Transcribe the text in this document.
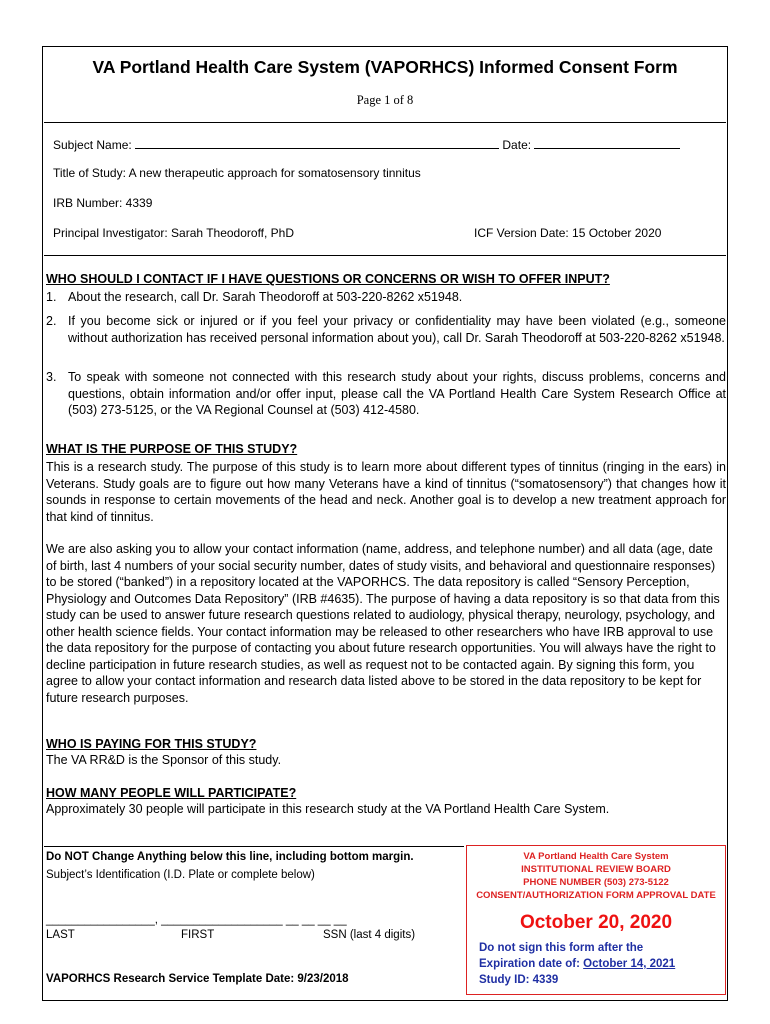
VA Portland Health Care System (VAPORHCS) Informed Consent Form
Page 1 of 8
Subject Name:	Date:
Title of Study: A new therapeutic approach for somatosensory tinnitus
IRB Number: 4339
Principal Investigator: Sarah Theodoroff, PhD	ICF Version Date: 15 October 2020
WHO SHOULD I CONTACT IF I HAVE QUESTIONS OR CONCERNS OR WISH TO OFFER INPUT?
1. About the research, call Dr. Sarah Theodoroff at 503-220-8262 x51948.
2. If you become sick or injured or if you feel your privacy or confidentiality may have been violated (e.g., someone without authorization has received personal information about you), call Dr. Sarah Theodoroff at 503-220-8262 x51948.
3. To speak with someone not connected with this research study about your rights, discuss problems, concerns and questions, obtain information and/or offer input, please call the VA Portland Health Care System Research Office at (503) 273-5125, or the VA Regional Counsel at (503) 412-4580.
WHAT IS THE PURPOSE OF THIS STUDY?
This is a research study. The purpose of this study is to learn more about different types of tinnitus (ringing in the ears) in Veterans. Study goals are to figure out how many Veterans have a kind of tinnitus (“somatosensory”) that changes how it sounds in response to certain movements of the head and neck. Another goal is to develop a new treatment approach for that kind of tinnitus.
We are also asking you to allow your contact information (name, address, and telephone number) and all data (age, date of birth, last 4 numbers of your social security number, dates of study visits, and behavioral and questionnaire responses) to be stored (“banked”) in a repository located at the VAPORHCS. The data repository is called “Sensory Perception, Physiology and Outcomes Data Repository” (IRB #4635). The purpose of having a data repository is so that data from this study can be used to answer future research questions related to audiology, physical therapy, neurology, psychology, and other health science fields. Your contact information may be released to other researchers who have IRB approval to use the data repository for the purpose of contacting you about future research opportunities. You will always have the right to decline participation in future research studies, as well as request not to be contacted again. By signing this form, you agree to allow your contact information and research data listed above to be stored in the data repository to be kept for future research purposes.
WHO IS PAYING FOR THIS STUDY?
The VA RR&D is the Sponsor of this study.
HOW MANY PEOPLE WILL PARTICIPATE?
Approximately 30 people will participate in this research study at the VA Portland Health Care System.
Do NOT Change Anything below this line, including bottom margin.
Subject’s Identification (I.D. Plate or complete below)
_________________, ___________________ __ __ __ __
LAST	FIRST	SSN (last 4 digits)
VAPORHCS Research Service Template Date: 9/23/2018
VA Portland Health Care System
INSTITUTIONAL REVIEW BOARD
PHONE NUMBER (503) 273-5122
CONSENT/AUTHORIZATION FORM APPROVAL DATE
October 20, 2020
Do not sign this form after the
Expiration date of: October 14, 2021
Study ID: 4339
